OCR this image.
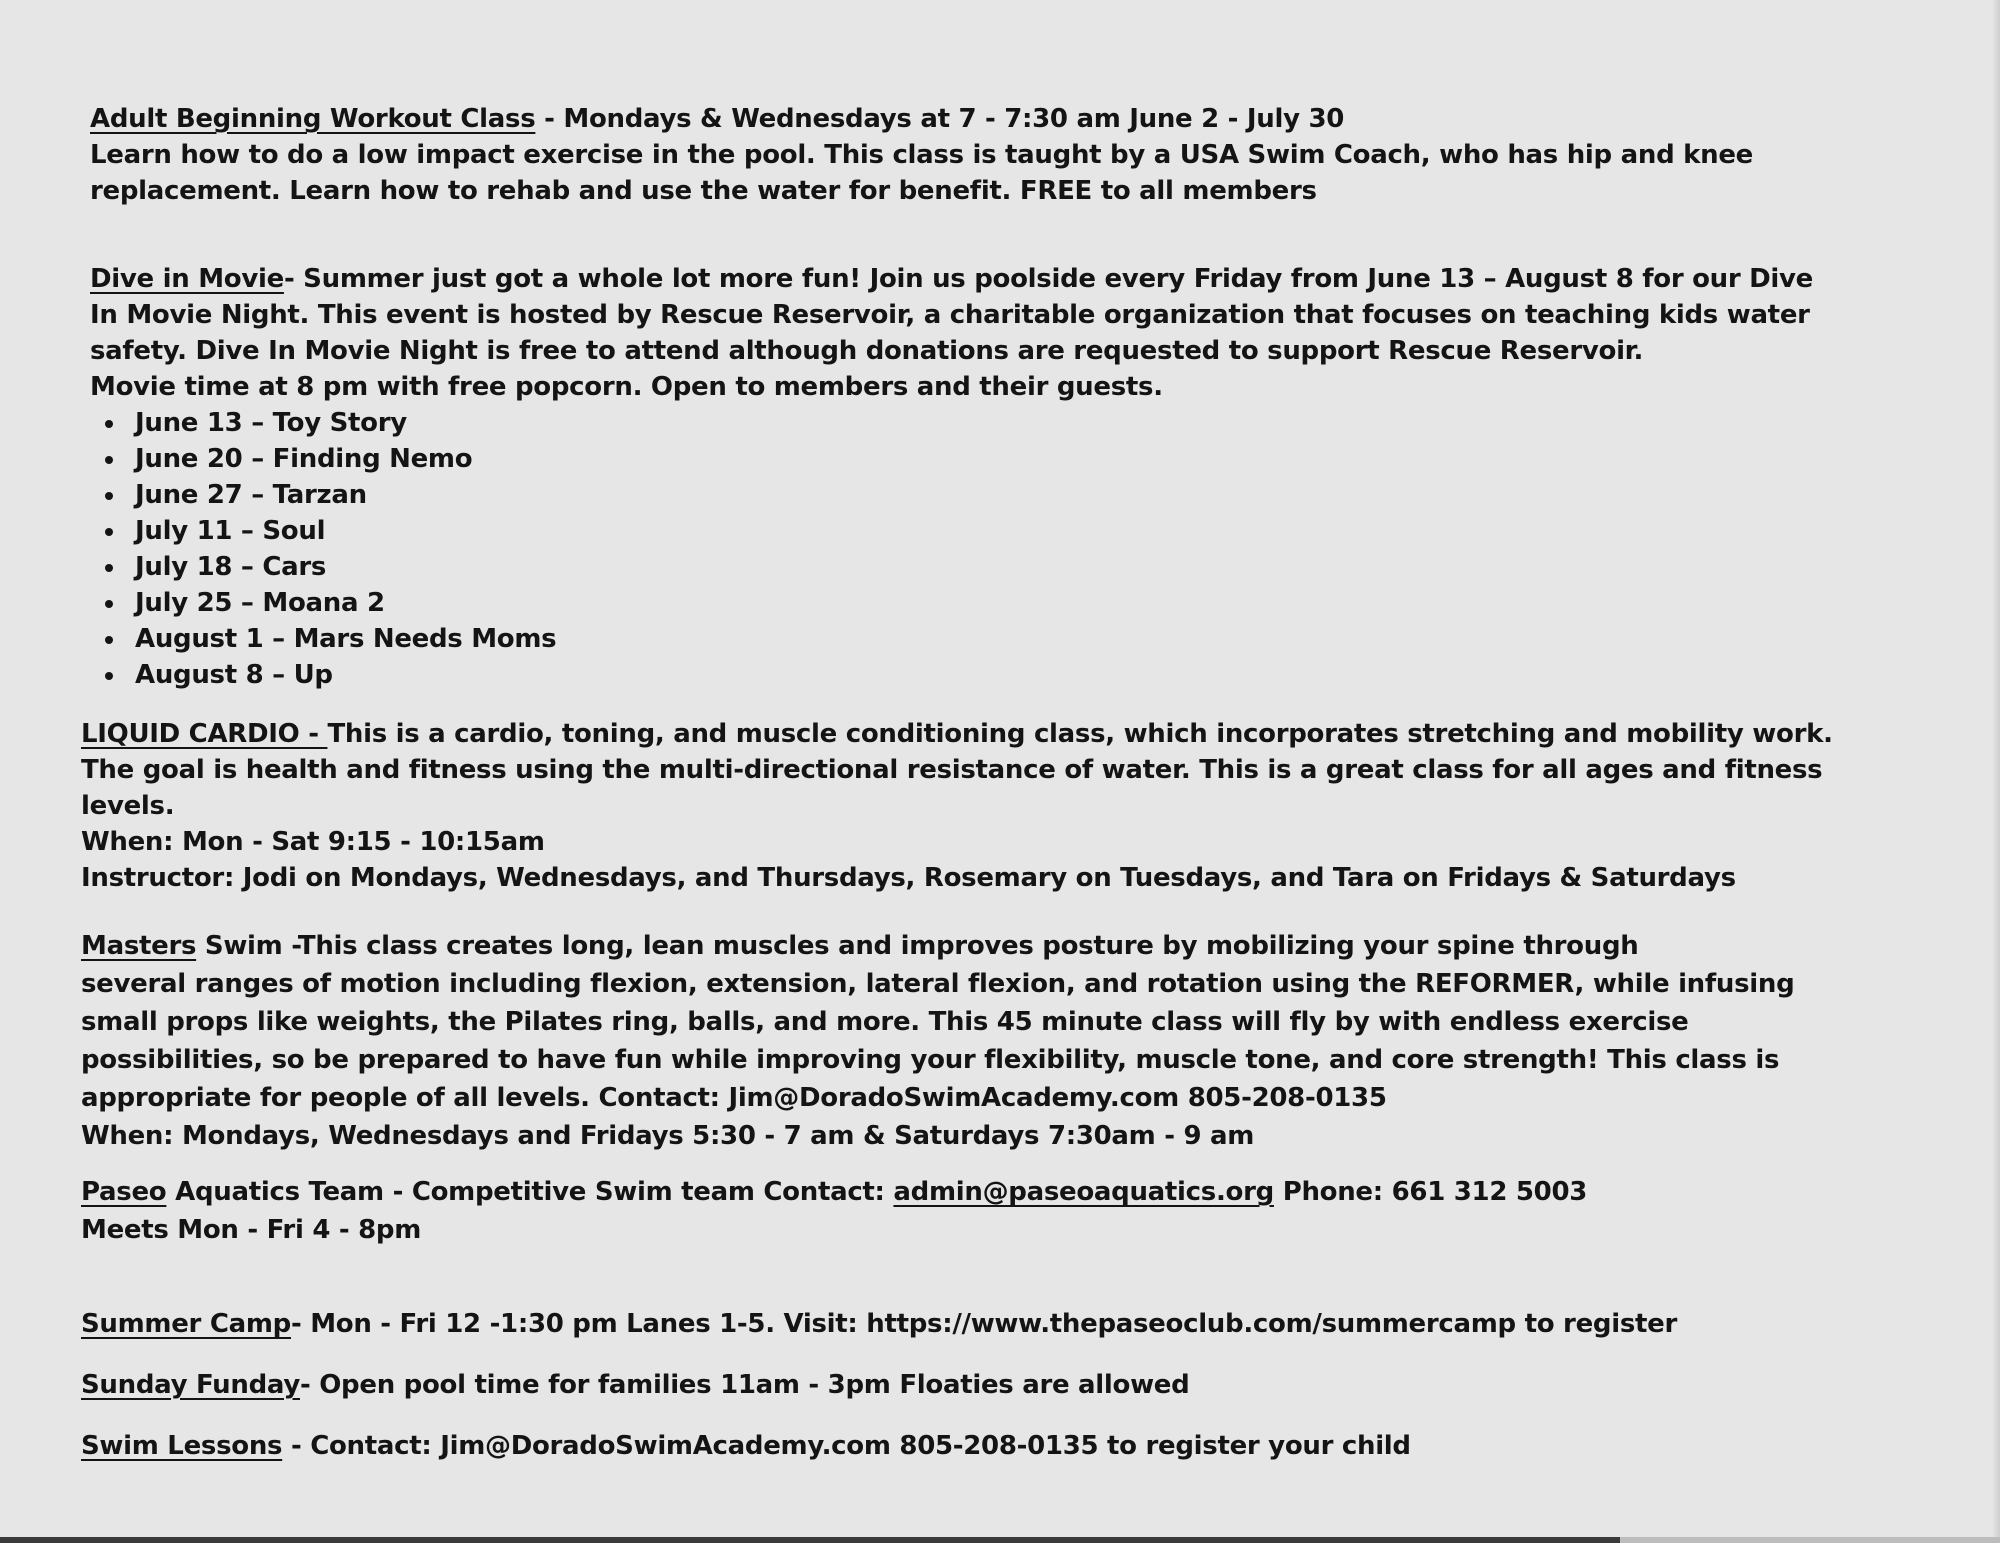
Adult Beginning Workout Class - Mondays & Wednesdays at 7 - 7:30 am June 2 - July 30
Learn how to do a low impact exercise in the pool. This class is taught by a USA Swim Coach, who has hip and knee
replacement. Learn how to rehab and use the water for benefit. FREE to all members
Dive in Movie- Summer just got a whole lot more fun! Join us poolside every Friday from June 13 – August 8 for our Dive
In Movie Night. This event is hosted by Rescue Reservoir, a charitable organization that focuses on teaching kids water
safety. Dive In Movie Night is free to attend although donations are requested to support Rescue Reservoir.
Movie time at 8 pm with free popcorn. Open to members and their guests.
June 13 – Toy Story
June 20 – Finding Nemo
June 27 – Tarzan
July 11 – Soul
July 18 – Cars
July 25 – Moana 2
August 1 – Mars Needs Moms
August 8 – Up
LIQUID CARDIO - This is a cardio, toning, and muscle conditioning class, which incorporates stretching and mobility work.
The goal is health and fitness using the multi-directional resistance of water. This is a great class for all ages and fitness
levels.
When: Mon - Sat 9:15 - 10:15am
Instructor: Jodi on Mondays, Wednesdays, and Thursdays, Rosemary on Tuesdays, and Tara on Fridays & Saturdays
Masters Swim -This class creates long, lean muscles and improves posture by mobilizing your spine through
several ranges of motion including flexion, extension, lateral flexion, and rotation using the REFORMER, while infusing
small props like weights, the Pilates ring, balls, and more. This 45 minute class will fly by with endless exercise
possibilities, so be prepared to have fun while improving your flexibility, muscle tone, and core strength! This class is
appropriate for people of all levels. Contact: Jim@DoradoSwimAcademy.com 805-208-0135
When: Mondays, Wednesdays and Fridays 5:30 - 7 am & Saturdays 7:30am - 9 am
Paseo Aquatics Team - Competitive Swim team Contact: admin@paseoaquatics.org Phone: 661 312 5003
Meets Mon - Fri 4 - 8pm
Summer Camp- Mon - Fri 12 -1:30 pm Lanes 1-5. Visit: https://www.thepaseoclub.com/summercamp to register
Sunday Funday- Open pool time for families 11am - 3pm Floaties are allowed
Swim Lessons - Contact: Jim@DoradoSwimAcademy.com 805-208-0135 to register your child
